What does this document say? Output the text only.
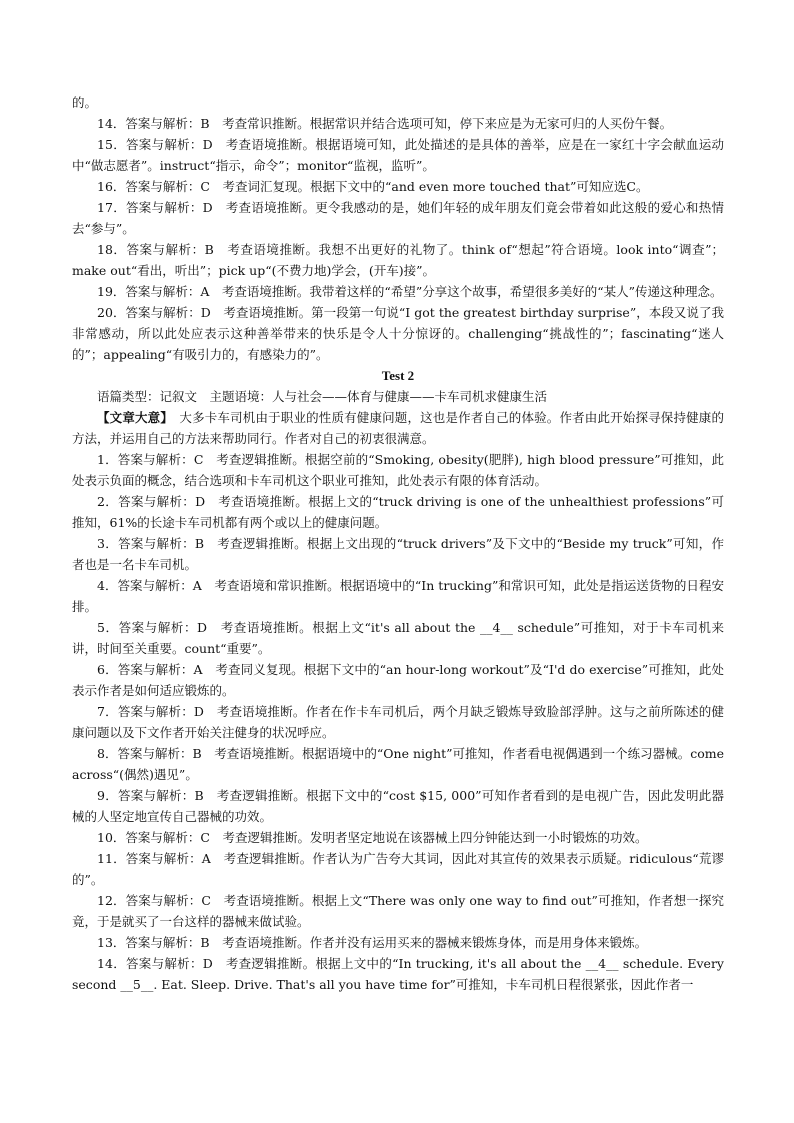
的。

14．答案与解析：B　考查常识推断。根据常识并结合选项可知，停下来应是为无家可归的人买份午餐。

15．答案与解析：D　考查语境推断。根据语境可知，此处描述的是具体的善举，应是在一家红十字会献血运动中“做志愿者”。instruct“指示，命令”；monitor“监视，监听”。

16．答案与解析：C　考查词汇复现。根据下文中的“and even more touched that”可知应选C。

17．答案与解析：D　考查语境推断。更令我感动的是，她们年轻的成年朋友们竟会带着如此这般的爱心和热情去“参与”。

18．答案与解析：B　考查语境推断。我想不出更好的礼物了。think of“想起”符合语境。look into“调查”；make out“看出，听出”；pick up“(不费力地)学会，(开车)接”。

19．答案与解析：A　考查语境推断。我带着这样的“希望”分享这个故事，希望很多美好的“某人”传递这种理念。

20．答案与解析：D　考查语境推断。第一段第一句说“I got the greatest birthday surprise”，本段又说了我非常感动，所以此处应表示这种善举带来的快乐是令人十分惊讶的。challenging“挑战性的”；fascinating“迷人的”；appealing“有吸引力的，有感染力的”。

Test 2

语篇类型：记叙文　主题语境：人与社会——体育与健康——卡车司机求健康生活

【文章大意】　大多卡车司机由于职业的性质有健康问题，这也是作者自己的体验。作者由此开始探寻保持健康的方法，并运用自己的方法来帮助同行。作者对自己的初衷很满意。

1．答案与解析：C　考查逻辑推断。根据空前的“Smoking, obesity(肥胖), high blood pressure”可推知，此处表示负面的概念，结合选项和卡车司机这个职业可推知，此处表示有限的体育活动。

2．答案与解析：D　考查语境推断。根据上文的“truck driving is one of the unhealthiest professions”可推知，61%的长途卡车司机都有两个或以上的健康问题。

3．答案与解析：B　考查逻辑推断。根据上文出现的“truck drivers”及下文中的“Beside my truck”可知，作者也是一名卡车司机。

4．答案与解析：A　考查语境和常识推断。根据语境中的“In trucking”和常识可知，此处是指运送货物的日程安排。

5．答案与解析：D　考查语境推断。根据上文“it's all about the __4__ schedule”可推知，对于卡车司机来讲，时间至关重要。count“重要”。

6．答案与解析：A　考查同义复现。根据下文中的“an hour-long workout”及“I'd do exercise”可推知，此处表示作者是如何适应锻炼的。

7．答案与解析：D　考查语境推断。作者在作卡车司机后，两个月缺乏锻炼导致脸部浮肿。这与之前所陈述的健康问题以及下文作者开始关注健身的状况呼应。

8．答案与解析：B　考查语境推断。根据语境中的“One night”可推知，作者看电视偶遇到一个练习器械。come across“(偶然)遇见”。

9．答案与解析：B　考查逻辑推断。根据下文中的“cost $15, 000”可知作者看到的是电视广告，因此发明此器械的人坚定地宣传自己器械的功效。

10．答案与解析：C　考查逻辑推断。发明者坚定地说在该器械上四分钟能达到一小时锻炼的功效。

11．答案与解析：A　考查逻辑推断。作者认为广告夸大其词，因此对其宣传的效果表示质疑。ridiculous“荒谬的”。

12．答案与解析：C　考查语境推断。根据上文“There was only one way to find out”可推知，作者想一探究竟，于是就买了一台这样的器械来做试验。

13．答案与解析：B　考查语境推断。作者并没有运用买来的器械来锻炼身体，而是用身体来锻炼。

14．答案与解析：D　考查逻辑推断。根据上文中的“In trucking, it's all about the __4__ schedule. Every second __5__. Eat. Sleep. Drive. That's all you have time for”可推知，卡车司机日程很紧张，因此作者一
